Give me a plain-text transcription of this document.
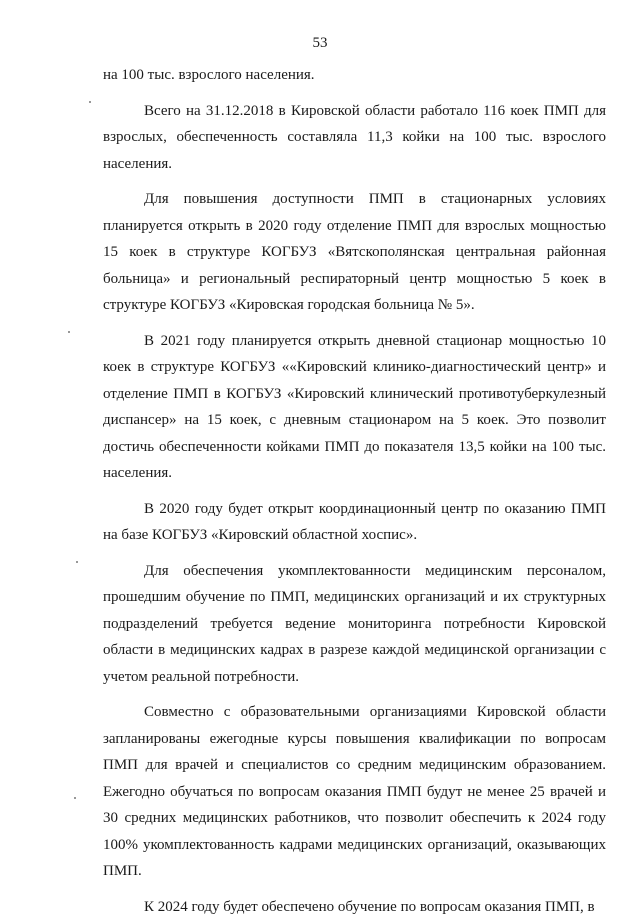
53

на 100 тыс. взрослого населения.

Всего на 31.12.2018 в Кировской области работало 116 коек ПМП для взрослых, обеспеченность составляла 11,3 койки на 100 тыс. взрослого населения.

Для повышения доступности ПМП в стационарных условиях планируется открыть в 2020 году отделение ПМП для взрослых мощностью 15 коек в структуре КОГБУЗ «Вятскополянская центральная районная больница» и региональный респираторный центр мощностью 5 коек в структуре КОГБУЗ «Кировская городская больница № 5».

В 2021 году планируется открыть дневной стационар мощностью 10 коек в структуре КОГБУЗ ««Кировский клинико-диагностический центр» и отделение ПМП в КОГБУЗ «Кировский клинический противотуберкулезный диспансер» на 15 коек, с дневным стационаром на 5 коек. Это позволит достичь обеспеченности койками ПМП до показателя 13,5 койки на 100 тыс. населения.

В 2020 году будет открыт координационный центр по оказанию ПМП на базе КОГБУЗ «Кировский областной хоспис».

Для обеспечения укомплектованности медицинским персоналом, прошедшим обучение по ПМП, медицинских организаций и их структурных подразделений требуется ведение мониторинга потребности Кировской области в медицинских кадрах в разрезе каждой медицинской организации с учетом реальной потребности.

Совместно с образовательными организациями Кировской области запланированы ежегодные курсы повышения квалификации по вопросам ПМП для врачей и специалистов со средним медицинским образованием. Ежегодно обучаться по вопросам оказания ПМП будут не менее 25 врачей и 30 средних медицинских работников, что позволит обеспечить к 2024 году 100% укомплектованность кадрами медицинских организаций, оказывающих ПМП.

К 2024 году будет обеспечено обучение по вопросам оказания ПМП, в
